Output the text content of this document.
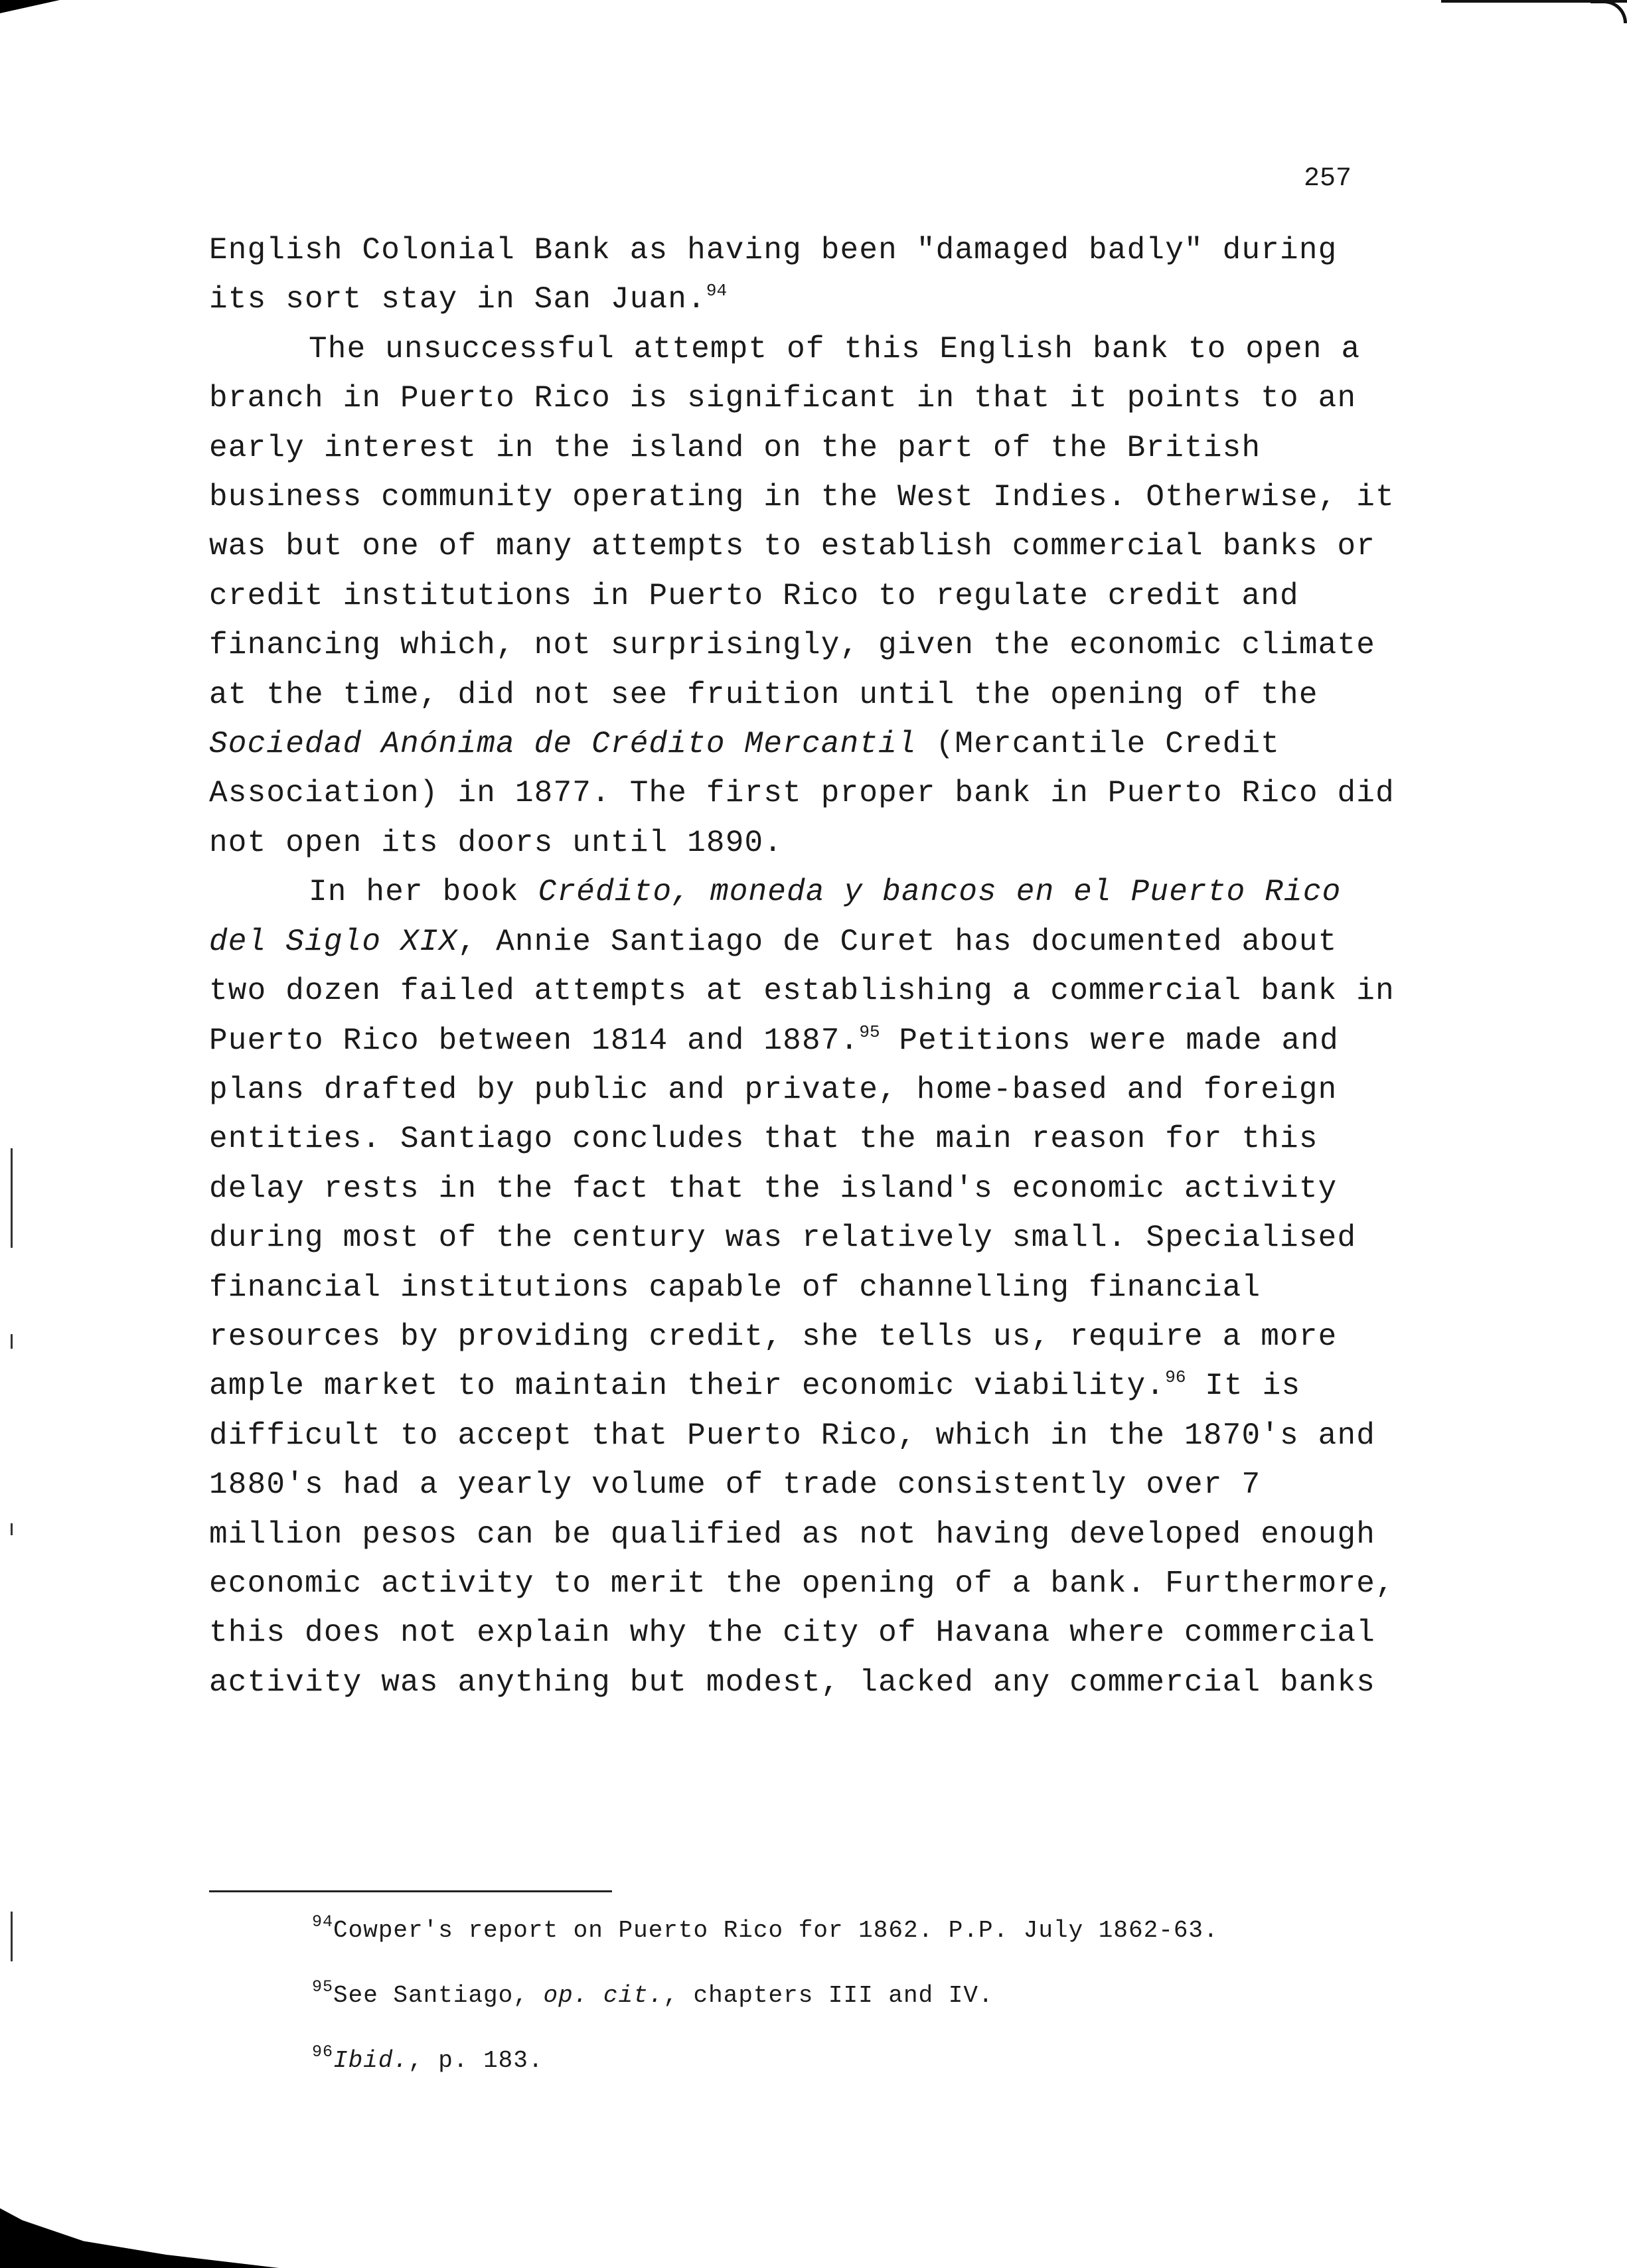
257

English Colonial Bank as having been "damaged badly" during its sort stay in San Juan.$^{94}$

The unsuccessful attempt of this English bank to open a branch in Puerto Rico is significant in that it points to an early interest in the island on the part of the British business community operating in the West Indies. Otherwise, it was but one of many attempts to establish commercial banks or credit institutions in Puerto Rico to regulate credit and financing which, not surprisingly, given the economic climate at the time, did not see fruition until the opening of the Sociedad Anónima de Crédito Mercantil (Mercantile Credit Association) in 1877. The first proper bank in Puerto Rico did not open its doors until 1890.

In her book Crédito, moneda y bancos en el Puerto Rico del Siglo XIX, Annie Santiago de Curet has documented about two dozen failed attempts at establishing a commercial bank in Puerto Rico between 1814 and 1887.95 Petitions were made and plans drafted by public and private, home-based and foreign entities. Santiago concludes that the main reason for this delay rests in the fact that the island's economic activity during most of the century was relatively small. Specialised financial institutions capable of channelling financial resources by providing credit, she tells us, require a more ample market to maintain their economic viability.$^{96}$ It is difficult to accept that Puerto Rico, which in the 1870's and 1880's had a yearly volume of trade consistently over 7 million pesos can be qualified as not having developed enough economic activity to merit the opening of a bank. Furthermore, this does not explain why the city of Havana where commercial activity was anything but modest, lacked any commercial banks

$^{94}$Cowper's report on Puerto Rico for 1862. P.P. July 1862-63.
$^{95}$See Santiago, op. cit., chapters III and IV.
$^{96}$Ibid., p. 183.
